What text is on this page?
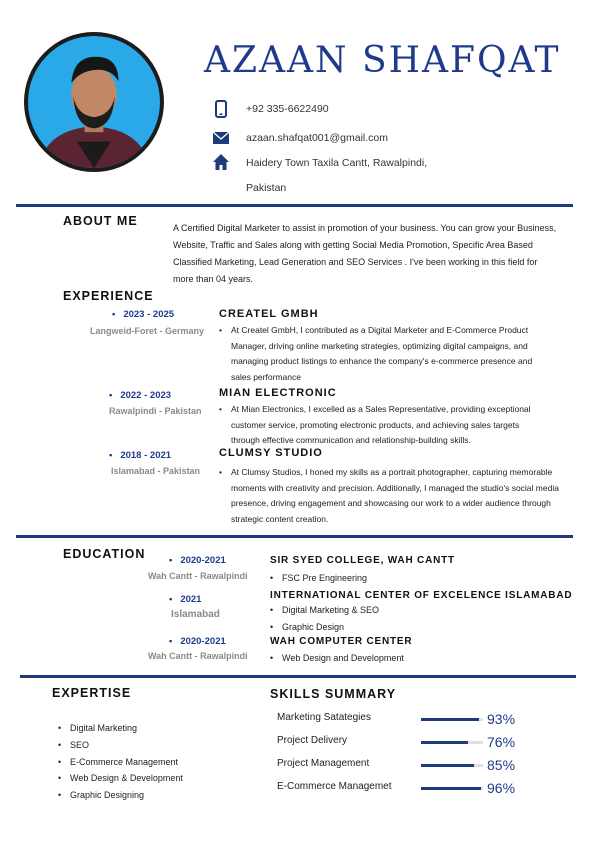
AZAAN SHAFQAT
+92 335-6622490
azaan.shafqat001@gmail.com
Haidery Town Taxila Cantt, Rawalpindi,
Pakistan
ABOUT ME	A Certified Digital Marketer to assist in promotion of your business. You can grow your Business, Website, Traffic and Sales along with getting Social Media Promotion, Specific Area Based Classified Marketing, Lead Generation and SEO Services . I've been working in this field for more than 04 years.
EXPERIENCE
• 2023 - 2025
Langweid-Foret - Germany
CREATEL GMBH
• At Createl GmbH, I contributed as a Digital Marketer and E-Commerce Product Manager, driving online marketing strategies, optimizing digital campaigns, and managing product listings to enhance the company's e-commerce presence and sales performance
• 2022 - 2023
Rawalpindi - Pakistan
MIAN ELECTRONIC
• At Mian Electronics, I excelled as a Sales Representative, providing exceptional customer service, promoting electronic products, and achieving sales targets through effective communication and relationship-building skills.
• 2018 - 2021
Islamabad - Pakistan
CLUMSY STUDIO
• At Clumsy Studios, I honed my skills as a portrait photographer, capturing memorable moments with creativity and precision. Additionally, I managed the studio's social media presence, driving engagement and showcasing our work to a wider audience through strategic content creation.
EDUCATION
•	2020-2021
Wah Cantt - Rawalpindi
SIR SYED COLLEGE, WAH CANTT
• FSC Pre Engineering
• 2021
Islamabad
INTERNATIONAL CENTER OF EXCELENCE ISLAMABAD
• Digital Marketing & SEO
• Graphic Design
• 2020-2021
Wah Cantt - Rawalpindi
WAH COMPUTER CENTER
• Web Design and Development
EXPERTISE
• Digital Marketing
• SEO
• E-Commerce Management
• Web Design & Development
• Graphic Designing
SKILLS SUMMARY
Marketing Satategies	93%
Project Delivery	76%
Project Management	85%
E-Commerce Managemet	96%
